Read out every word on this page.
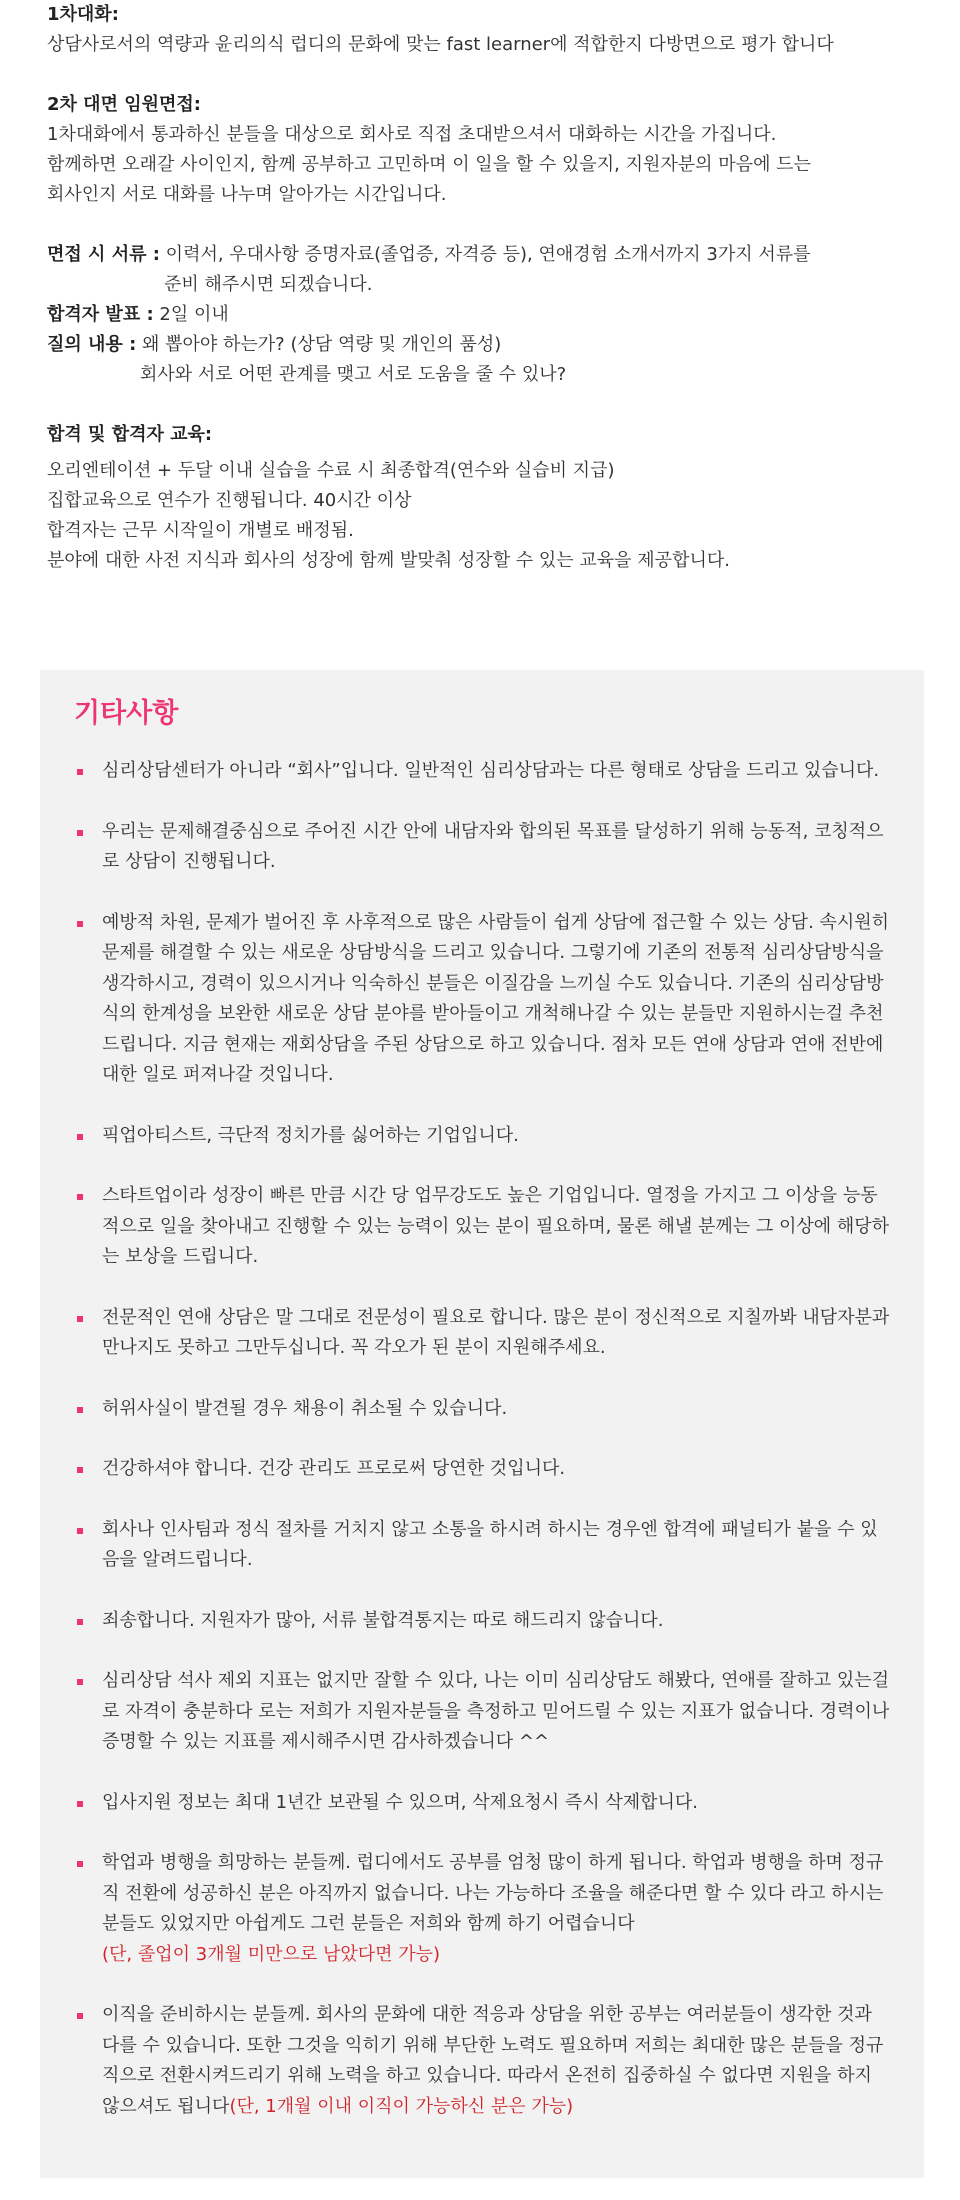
1차대화:

상담사로서의 역량과 윤리의식 럽디의 문화에 맞는 fast learner에 적합한지 다방면으로 평가 합니다

2차 대면 임원면접:

1차대화에서 통과하신 분들을 대상으로 회사로 직접 초대받으셔서 대화하는 시간을 가집니다.

함께하면 오래갈 사이인지, 함께 공부하고 고민하며 이 일을 할 수 있을지, 지원자분의 마음에 드는

회사인지 서로 대화를 나누며 알아가는 시간입니다.

면접 시 서류 : 이력서, 우대사항 증명자료(졸업증, 자격증 등), 연애경험 소개서까지 3가지 서류를

준비 해주시면 되겠습니다.

합격자 발표 : 2일 이내

질의 내용 : 왜 뽑아야 하는가? (상담 역량 및 개인의 품성)

회사와 서로 어떤 관계를 맺고 서로 도움을 줄 수 있나?

합격 및 합격자 교육:

오리엔테이션 + 두달 이내 실습을 수료 시 최종합격(연수와 실습비 지급)

집합교육으로 연수가 진행됩니다. 40시간 이상

합격자는 근무 시작일이 개별로 배정됨.

분야에 대한 사전 지식과 회사의 성장에 함께 발맞춰 성장할 수 있는 교육을 제공합니다.

기타사항
심리상담센터가 아니라 “회사”입니다. 일반적인 심리상담과는 다른 형태로 상담을 드리고 있습니다.
우리는 문제해결중심으로 주어진 시간 안에 내담자와 합의된 목표를 달성하기 위해 능동적, 코칭적으로 상담이 진행됩니다.
예방적 차원, 문제가 벌어진 후 사후적으로 많은 사람들이 쉽게 상담에 접근할 수 있는 상담. 속시원히 문제를 해결할 수 있는 새로운 상담방식을 드리고 있습니다. 그렇기에 기존의 전통적 심리상담방식을 생각하시고, 경력이 있으시거나 익숙하신 분들은 이질감을 느끼실 수도 있습니다. 기존의 심리상담방식의 한계성을 보완한 새로운 상담 분야를 받아들이고 개척해나갈 수 있는 분들만 지원하시는걸 추천드립니다. 지금 현재는 재회상담을 주된 상담으로 하고 있습니다. 점차 모든 연애 상담과 연애 전반에 대한 일로 퍼져나갈 것입니다.
픽업아티스트, 극단적 정치가를 싫어하는 기업입니다.
스타트업이라 성장이 빠른 만큼 시간 당 업무강도도 높은 기업입니다. 열정을 가지고 그 이상을 능동적으로 일을 찾아내고 진행할 수 있는 능력이 있는 분이 필요하며, 물론 해낼 분께는 그 이상에 해당하는 보상을 드립니다.
전문적인 연애 상담은 말 그대로 전문성이 필요로 합니다. 많은 분이 정신적으로 지칠까봐 내담자분과 만나지도 못하고 그만두십니다. 꼭 각오가 된 분이 지원해주세요.
허위사실이 발견될 경우 채용이 취소될 수 있습니다.
건강하셔야 합니다. 건강 관리도 프로로써 당연한 것입니다.
회사나 인사팀과 정식 절차를 거치지 않고 소통을 하시려 하시는 경우엔 합격에 패널티가 붙을 수 있음을 알려드립니다.
죄송합니다. 지원자가 많아, 서류 불합격통지는 따로 해드리지 않습니다.
심리상담 석사 제외 지표는 없지만 잘할 수 있다, 나는 이미 심리상담도 해봤다, 연애를 잘하고 있는걸로 자격이 충분하다 로는 저희가 지원자분들을 측정하고 믿어드릴 수 있는 지표가 없습니다. 경력이나 증명할 수 있는 지표를 제시해주시면 감사하겠습니다 ^^
입사지원 정보는 최대 1년간 보관될 수 있으며, 삭제요청시 즉시 삭제합니다.
학업과 병행을 희망하는 분들께. 럽디에서도 공부를 엄청 많이 하게 됩니다. 학업과 병행을 하며 정규직 전환에 성공하신 분은 아직까지 없습니다. 나는 가능하다 조율을 해준다면 할 수 있다 라고 하시는 분들도 있었지만 아쉽게도 그런 분들은 저희와 함께 하기 어렵습니다
(단, 졸업이 3개월 미만으로 남았다면 가능)
이직을 준비하시는 분들께. 회사의 문화에 대한 적응과 상담을 위한 공부는 여러분들이 생각한 것과 다를 수 있습니다. 또한 그것을 익히기 위해 부단한 노력도 필요하며 저희는 최대한 많은 분들을 정규직으로 전환시켜드리기 위해 노력을 하고 있습니다. 따라서 온전히 집중하실 수 없다면 지원을 하지 않으셔도 됩니다(단, 1개월 이내 이직이 가능하신 분은 가능)
